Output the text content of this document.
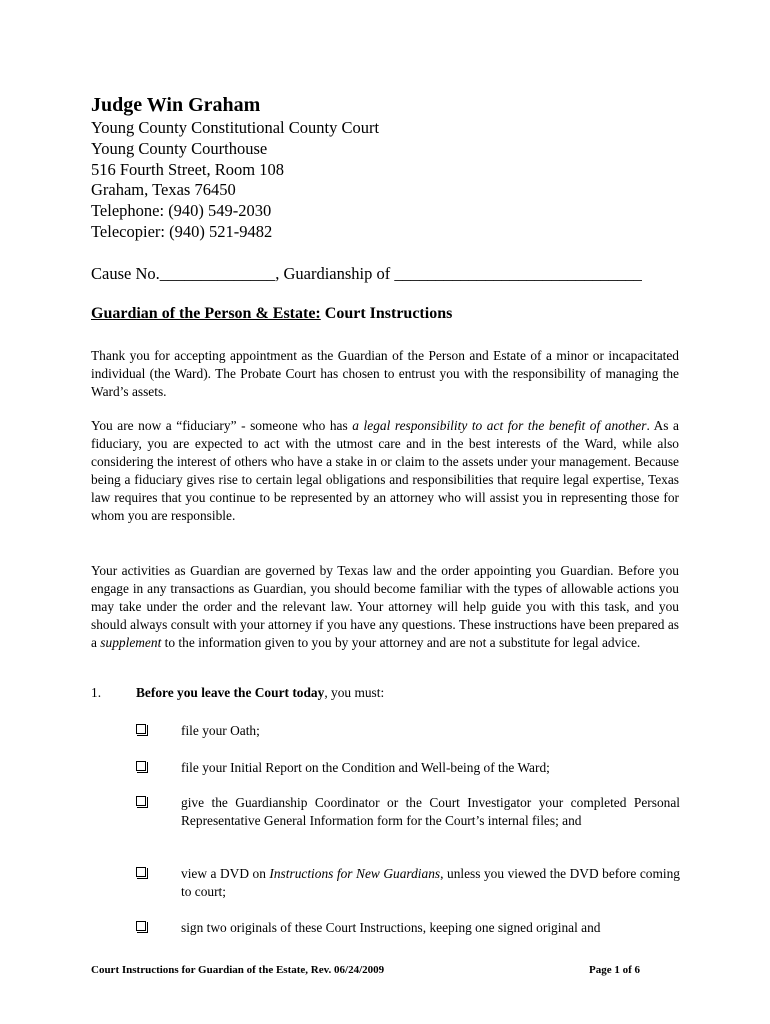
Judge Win Graham
Young County Constitutional County Court
Young County Courthouse
516 Fourth Street, Room 108
Graham, Texas 76450
Telephone: (940) 549-2030
Telecopier: (940) 521-9482
Cause No.______________, Guardianship of ______________________________
Guardian of the Person & Estate: Court Instructions
Thank you for accepting appointment as the Guardian of the Person and Estate of a minor or incapacitated individual (the Ward). The Probate Court has chosen to entrust you with the responsibility of managing the Ward’s assets.
You are now a “fiduciary” - someone who has a legal responsibility to act for the benefit of another. As a fiduciary, you are expected to act with the utmost care and in the best interests of the Ward, while also considering the interest of others who have a stake in or claim to the assets under your management. Because being a fiduciary gives rise to certain legal obligations and responsibilities that require legal expertise, Texas law requires that you continue to be represented by an attorney who will assist you in representing those for whom you are responsible.
Your activities as Guardian are governed by Texas law and the order appointing you Guardian. Before you engage in any transactions as Guardian, you should become familiar with the types of allowable actions you may take under the order and the relevant law. Your attorney will help guide you with this task, and you should always consult with your attorney if you have any questions. These instructions have been prepared as a supplement to the information given to you by your attorney and are not a substitute for legal advice.
1.	Before you leave the Court today, you must:
file your Oath;
file your Initial Report on the Condition and Well-being of the Ward;
give the Guardianship Coordinator or the Court Investigator your completed Personal Representative General Information form for the Court’s internal files; and
view a DVD on Instructions for New Guardians, unless you viewed the DVD before coming to court;
sign two originals of these Court Instructions, keeping one signed original and
Court Instructions for Guardian of the Estate, Rev. 06/24/2009	Page 1 of 6
